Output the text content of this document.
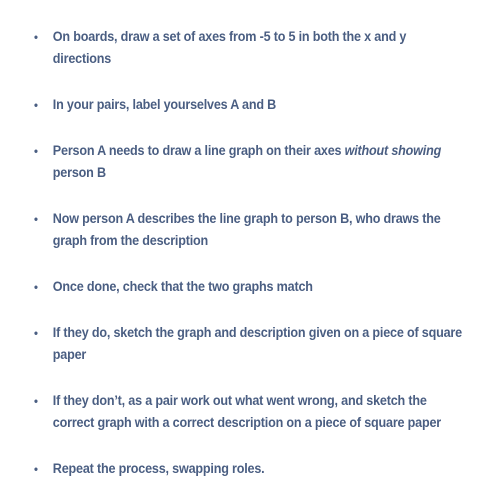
• On boards, draw a set of axes from -5 to 5 in both the x and y directions
• In your pairs, label yourselves A and B
• Person A needs to draw a line graph on their axes without showing person B
• Now person A describes the line graph to person B, who draws the graph from the description
• Once done, check that the two graphs match
• If they do, sketch the graph and description given on a piece of square paper
• If they don’t, as a pair work out what went wrong, and sketch the correct graph with a correct description on a piece of square paper
• Repeat the process, swapping roles.
